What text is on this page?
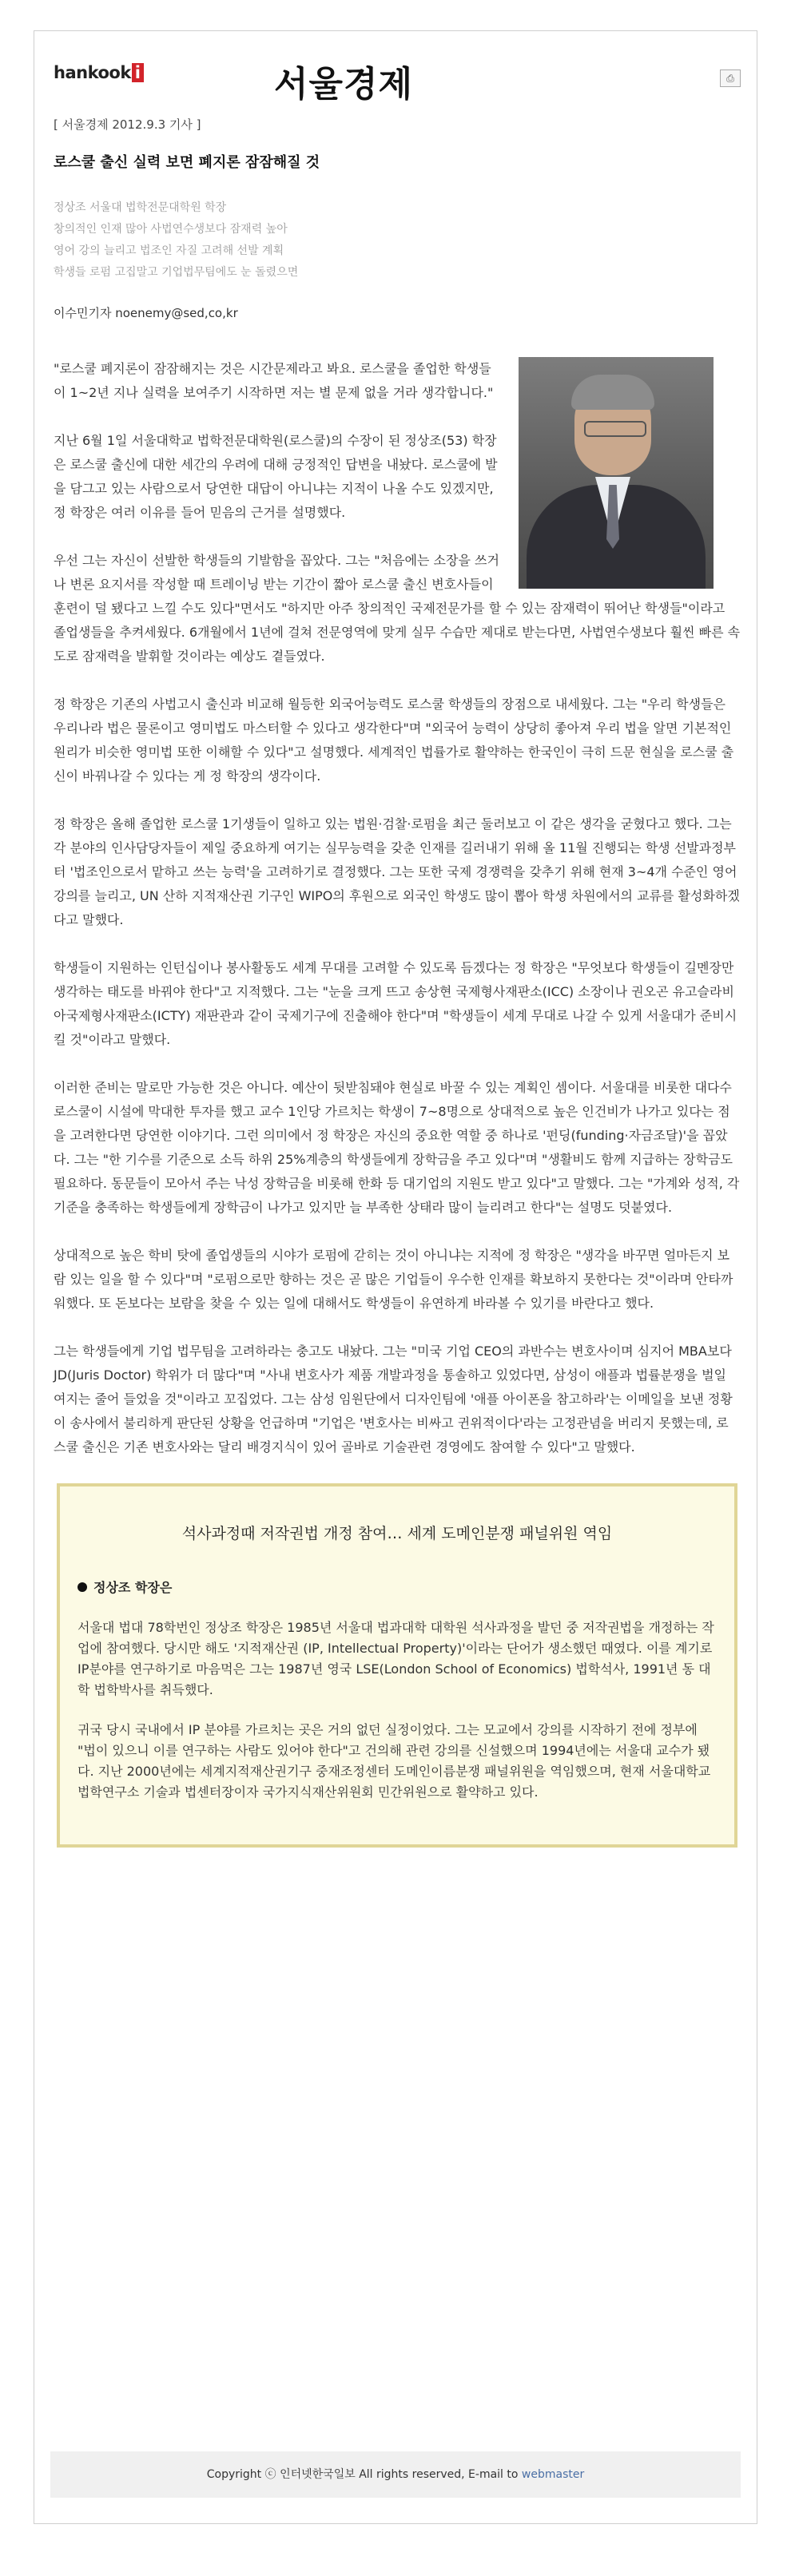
hankook i	서울경제	⎙
[ 서울경제 2012.9.3 기사 ]
로스쿨 출신 실력 보면 폐지론 잠잠해질 것
정상조 서울대 법학전문대학원 학장
창의적인 인재 많아 사법연수생보다 잠재력 높아
영어 강의 늘리고 법조인 자질 고려해 선발 계획
학생들 로펌 고집말고 기업법무팀에도 눈 돌렸으면
이수민기자 noenemy@sed,co,kr

"로스쿨 폐지론이 잠잠해지는 것은 시간문제라고 봐요. 로스쿨을 졸업한 학생들이 1~2년 지나 실력을 보여주기 시작하면 저는 별 문제 없을 거라 생각합니다."

지난 6월 1일 서울대학교 법학전문대학원(로스쿨)의 수장이 된 정상조(53) 학장은 로스쿨 출신에 대한 세간의 우려에 대해 긍정적인 답변을 내놨다. 로스쿨에 발을 담그고 있는 사람으로서 당연한 대답이 아니냐는 지적이 나올 수도 있겠지만, 정 학장은 여러 이유를 들어 믿음의 근거를 설명했다.

우선 그는 자신이 선발한 학생들의 기발함을 꼽았다. 그는 "처음에는 소장을 쓰거나 변론 요지서를 작성할 때 트레이닝 받는 기간이 짧아 로스쿨 출신 변호사들이 훈련이 덜 됐다고 느낄 수도 있다"면서도 "하지만 아주 창의적인 국제전문가를 할 수 있는 잠재력이 뛰어난 학생들"이라고 졸업생들을 추켜세웠다. 6개월에서 1년에 걸쳐 전문영역에 맞게 실무 수습만 제대로 받는다면, 사법연수생보다 훨씬 빠른 속도로 잠재력을 발휘할 것이라는 예상도 곁들였다.

정 학장은 기존의 사법고시 출신과 비교해 월등한 외국어능력도 로스쿨 학생들의 장점으로 내세웠다. 그는 "우리 학생들은 우리나라 법은 물론이고 영미법도 마스터할 수 있다고 생각한다"며 "외국어 능력이 상당히 좋아져 우리 법을 알면 기본적인 원리가 비슷한 영미법 또한 이해할 수 있다"고 설명했다. 세계적인 법률가로 활약하는 한국인이 극히 드문 현실을 로스쿨 출신이 바꿔나갈 수 있다는 게 정 학장의 생각이다.

정 학장은 올해 졸업한 로스쿨 1기생들이 일하고 있는 법원·검찰·로펌을 최근 둘러보고 이 같은 생각을 굳혔다고 했다. 그는 각 분야의 인사담당자들이 제일 중요하게 여기는 실무능력을 갖춘 인재를 길러내기 위해 올 11월 진행되는 학생 선발과정부터 '법조인으로서 맡하고 쓰는 능력'을 고려하기로 결정했다. 그는 또한 국제 경쟁력을 갖추기 위해 현재 3~4개 수준인 영어강의를 늘리고, UN 산하 지적재산권 기구인 WIPO의 후원으로 외국인 학생도 많이 뽑아 학생 차원에서의 교류를 활성화하겠다고 말했다.

학생들이 지원하는 인턴십이나 봉사활동도 세계 무대를 고려할 수 있도록 듬겠다는 정 학장은 "무엇보다 학생들이 길멘장만 생각하는 태도를 바꿔야 한다"고 지적했다. 그는 "눈을 크게 뜨고 송상현 국제형사재판소(ICC) 소장이나 권오곤 유고슬라비아국제형사재판소(ICTY) 재판관과 같이 국제기구에 진출해야 한다"며 "학생들이 세계 무대로 나갈 수 있게 서울대가 준비시킬 것"이라고 말했다.

이러한 준비는 말로만 가능한 것은 아니다. 예산이 뒷받침돼야 현실로 바꿀 수 있는 계획인 셈이다. 서울대를 비롯한 대다수 로스쿨이 시설에 막대한 투자를 했고 교수 1인당 가르치는 학생이 7~8명으로 상대적으로 높은 인건비가 나가고 있다는 점을 고려한다면 당연한 이야기다. 그런 의미에서 정 학장은 자신의 중요한 역할 중 하나로 '펀딩(funding·자금조달)'을 꼽았다. 그는 "한 기수를 기준으로 소득 하위 25%계층의 학생들에게 장학금을 주고 있다"며 "생활비도 함께 지급하는 장학금도 필요하다. 동문들이 모아서 주는 낙성 장학금을 비롯해 한화 등 대기업의 지원도 받고 있다"고 말했다. 그는 "가계와 성적, 각 기준을 충족하는 학생들에게 장학금이 나가고 있지만 늘 부족한 상태라 많이 늘리려고 한다"는 설명도 덧붙였다.

상대적으로 높은 학비 탓에 졸업생들의 시야가 로펌에 갇히는 것이 아니냐는 지적에 정 학장은 "생각을 바꾸면 얼마든지 보람 있는 일을 할 수 있다"며 "로펌으로만 향하는 것은 곧 많은 기업들이 우수한 인재를 확보하지 못한다는 것"이라며 안타까워했다. 또 돈보다는 보람을 찾을 수 있는 일에 대해서도 학생들이 유연하게 바라볼 수 있기를 바란다고 했다.

그는 학생들에게 기업 법무팀을 고려하라는 충고도 내놨다. 그는 "미국 기업 CEO의 과반수는 변호사이며 심지어 MBA보다 JD(Juris Doctor) 학위가 더 많다"며 "사내 변호사가 제품 개발과정을 통솔하고 있었다면, 삼성이 애플과 법률분쟁을 벌일 여지는 줄어 들었을 것"이라고 꼬집었다. 그는 삼성 임원단에서 디자인팀에 '애플 아이폰을 참고하라'는 이메일을 보낸 정황이 송사에서 불리하게 판단된 상황을 언급하며 "기업은 '변호사는 비싸고 귄위적이다'라는 고정관념을 버리지 못했는데, 로스쿨 출신은 기존 변호사와는 달리 배경지식이 있어 골바로 기술관련 경영에도 참여할 수 있다"고 말했다.

석사과정때 저작권법 개정 참여… 세계 도메인분쟁 패널위원 역임
정상조 학장은

서울대 법대 78학번인 정상조 학장은 1985년 서울대 법과대학 대학원 석사과정을 발던 중 저작권법을 개정하는 작업에 참여했다. 당시만 해도 '지적재산권 (IP, Intellectual Property)'이라는 단어가 생소했던 때였다. 이를 계기로 IP분야를 연구하기로 마음먹은 그는 1987년 영국 LSE(London School of Economics) 법학석사, 1991년 동 대학 법학박사를 취득했다.

귀국 당시 국내에서 IP 분야를 가르치는 곳은 거의 없던 실정이었다. 그는 모교에서 강의를 시작하기 전에 정부에 "법이 있으니 이를 연구하는 사람도 있어야 한다"고 건의해 관련 강의를 신설했으며 1994년에는 서울대 교수가 됐다. 지난 2000년에는 세계지적재산권기구 중재조정센터 도메인이름분쟁 패널위원을 역임했으며, 현재 서울대학교 법학연구소 기술과 법센터장이자 국가지식재산위원회 민간위원으로 활약하고 있다.

Copyright ⓒ 인터넷한국일보 All rights reserved, E-mail to webmaster
